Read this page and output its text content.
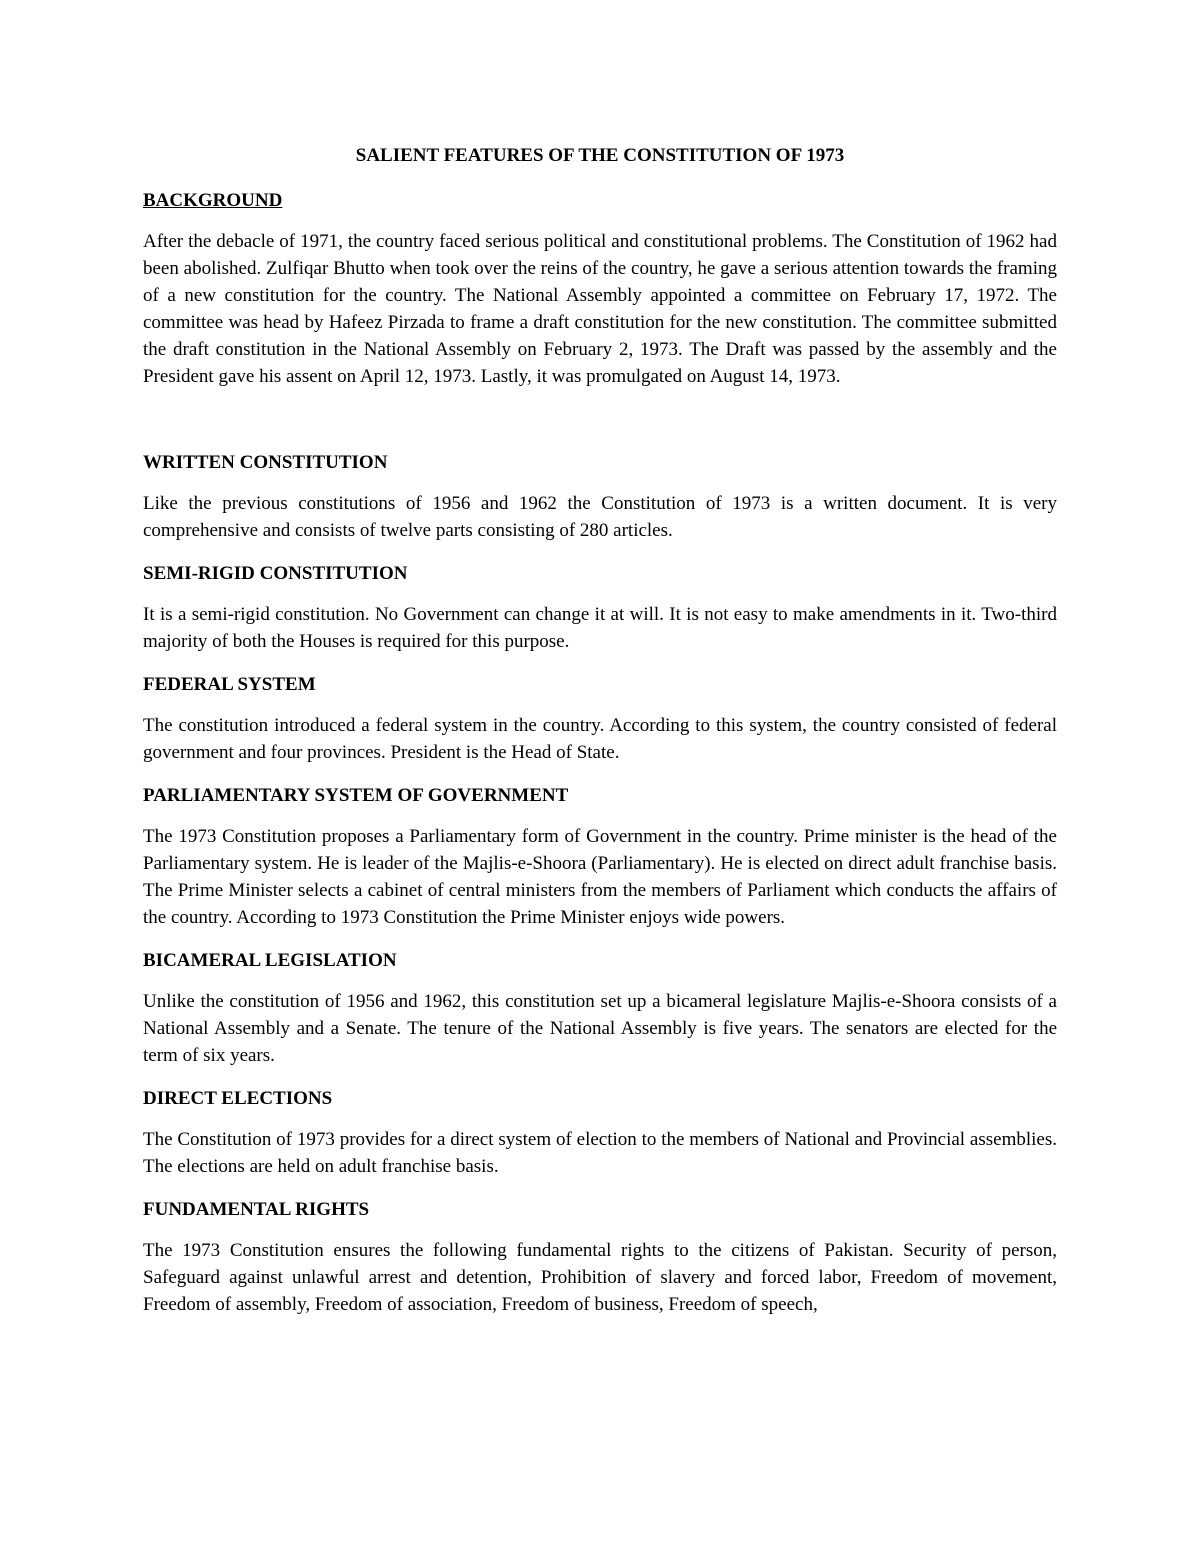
SALIENT FEATURES OF THE CONSTITUTION OF 1973
BACKGROUND
After the debacle of 1971, the country faced serious political and constitutional problems. The Constitution of 1962 had been abolished. Zulfiqar Bhutto when took over the reins of the country, he gave a serious attention towards the framing of a new constitution for the country. The National Assembly appointed a committee on February 17, 1972. The committee was head by Hafeez Pirzada to frame a draft constitution for the new constitution. The committee submitted the draft constitution in the National Assembly on February 2, 1973. The Draft was passed by the assembly and the President gave his assent on April 12, 1973. Lastly, it was promulgated on August 14, 1973.
WRITTEN CONSTITUTION
Like the previous constitutions of 1956 and 1962 the Constitution of 1973 is a written document. It is very comprehensive and consists of twelve parts consisting of 280 articles.
SEMI-RIGID CONSTITUTION
It is a semi-rigid constitution. No Government can change it at will. It is not easy to make amendments in it. Two-third majority of both the Houses is required for this purpose.
FEDERAL SYSTEM
The constitution introduced a federal system in the country. According to this system, the country consisted of federal government and four provinces. President is the Head of State.
PARLIAMENTARY SYSTEM OF GOVERNMENT
The 1973 Constitution proposes a Parliamentary form of Government in the country. Prime minister is the head of the Parliamentary system. He is leader of the Majlis-e-Shoora (Parliamentary). He is elected on direct adult franchise basis. The Prime Minister selects a cabinet of central ministers from the members of Parliament which conducts the affairs of the country. According to 1973 Constitution the Prime Minister enjoys wide powers.
BICAMERAL LEGISLATION
Unlike the constitution of 1956 and 1962, this constitution set up a bicameral legislature Majlis-e-Shoora consists of a National Assembly and a Senate. The tenure of the National Assembly is five years. The senators are elected for the term of six years.
DIRECT ELECTIONS
The Constitution of 1973 provides for a direct system of election to the members of National and Provincial assemblies. The elections are held on adult franchise basis.
FUNDAMENTAL RIGHTS
The 1973 Constitution ensures the following fundamental rights to the citizens of Pakistan. Security of person, Safeguard against unlawful arrest and detention, Prohibition of slavery and forced labor, Freedom of movement, Freedom of assembly, Freedom of association, Freedom of business, Freedom of speech,
